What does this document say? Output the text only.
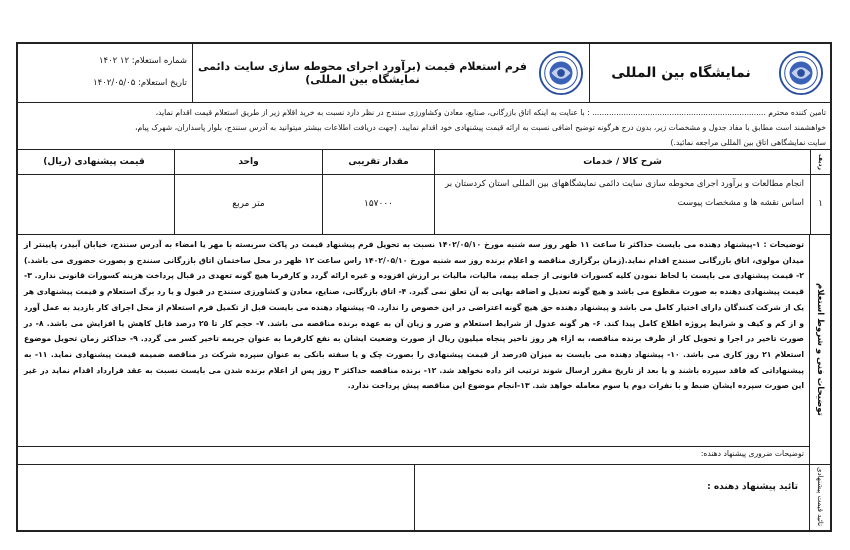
نمایشگاه بین المللی
فرم استعلام قیمت (برآورد اجرای محوطه سازی سایت دائمی نمایشگاه بین المللی)
شماره استعلام: ۱۲ ۱۴۰۲
تاریخ استعلام: ۱۴۰۲/۰۵/۰۵
تامین کننده محترم ........................................................................ : با عنایت به اینکه اتاق بازرگانی، صنایع، معادن وکشاورزی سنندج در نظر دارد نسبت به خرید اقلام زیر از طریق استعلام قیمت اقدام نماید،
خواهشمند است مطابق با مفاد جدول و مشخصات زیر، بدون درج هرگونه توضیح اضافی نسبت به ارائه قیمت پیشنهادی خود اقدام نمایید. (جهت دریافت اطلاعات بیشتر میتوانید به آدرس سنندج، بلوار پاسداران، شهرک پیام،
سایت نمایشگاهی اتاق بین المللی مراجعه نمائید.)
ردیف
شرح کالا / خدمات
مقدار تقریبی
واحد
قیمت پیشنهادی (ریال)
۱
انجام مطالعات و برآورد اجرای محوطه سازی سایت دائمی نمایشگاههای بین المللی استان کردستان بر اساس نقشه ها و مشخصات پیوست
۱۵۷۰۰۰
متر مربع
توضیحات فنی و شروط استعلام
توضیحات : ۱-پیشنهاد دهنده می بایست حداکثر تا ساعت ۱۱ ظهر روز سه شنبه مورخ ۱۴۰۲/۰۵/۱۰ نسبت به تحویل فرم پیشنهاد قیمت در پاکت سربسته با مهر یا امضاء به آدرس سنندج، خیابان آبیدر، پایینتر از میدان مولوی، اتاق بازرگانی سنندج اقدام نماید.(زمان برگزاری مناقصه و اعلام برنده روز سه شنبه مورخ ۱۴۰۲/۰۵/۱۰ راس ساعت ۱۲ ظهر در محل ساختمان اتاق بازرگانی سنندج و بصورت حضوری می باشد.) ۲- قیمت پیشنهادی می بایست با لحاظ نمودن کلیه کسورات قانونی از جمله بیمه، مالیات، مالیات بر ارزش افزوده و غیره ارائه گردد و کارفرما هیچ گونه تعهدی در قبال پرداخت هزینه کسورات قانونی ندارد. ۳- قیمت پیشنهادی دهنده به صورت مقطوع می باشد و هیچ گونه تعدیل و اضافه بهایی به آن تعلق نمی گیرد. ۴- اتاق بازرگانی، صنایع، معادن و کشاورزی سنندج در قبول و یا رد برگ استعلام و قیمت پیشنهادی هر یک از شرکت کنندگان دارای اختیار کامل می باشد و پیشنهاد دهنده حق هیچ گونه اعتراضی در این خصوص را ندارد. ۵- پیشنهاد دهنده می بایست قبل از تکمیل فرم استعلام از محل اجرای کار بازدید به عمل آورد و از کم و کیف و شرایط پروژه اطلاع کامل پیدا کند. ۶- هر گونه عدول از شرایط استعلام و ضرر و زیان آن به عهده برنده مناقصه می باشد. ۷- حجم کار تا ۲۵ درصد قابل کاهش یا افزایش می باشد. ۸- در صورت تاخیر در اجرا و تحویل کار از طرف برنده مناقصه، به ازاء هر روز تاخیر پنجاه میلیون ریال از صورت وضعیت ایشان به نفع کارفرما به عنوان جریمه تاخیر کسر می گردد. ۹- حداکثر زمان تحویل موضوع استعلام ۲۱ روز کاری می باشد. ۱۰- پیشنهاد دهنده می بایست به میزان ۵درصد از قیمت پیشنهادی را بصورت چک و یا سفته بانکی به عنوان سپرده شرکت در مناقصه ضمیمه قیمت پیشنهادی نماید. ۱۱- به پیشنهاداتی که فاقد سپرده باشند و یا بعد از تاریخ مقرر ارسال شوند ترتیب اثر داده نخواهد شد. ۱۲- برنده مناقصه حداکثر ۳ روز پس از اعلام برنده شدن می بایست نسبت به عقد قرارداد اقدام نماید در غیر این صورت سپرده ایشان ضبط و با نفرات دوم یا سوم معامله خواهد شد. ۱۳-انجام موضوع این مناقصه پیش پرداخت ندارد.
توضیحات ضروری پیشنهاد دهنده:
تائید قیمت پیشنهادی
تائید پیشنهاد دهنده :
